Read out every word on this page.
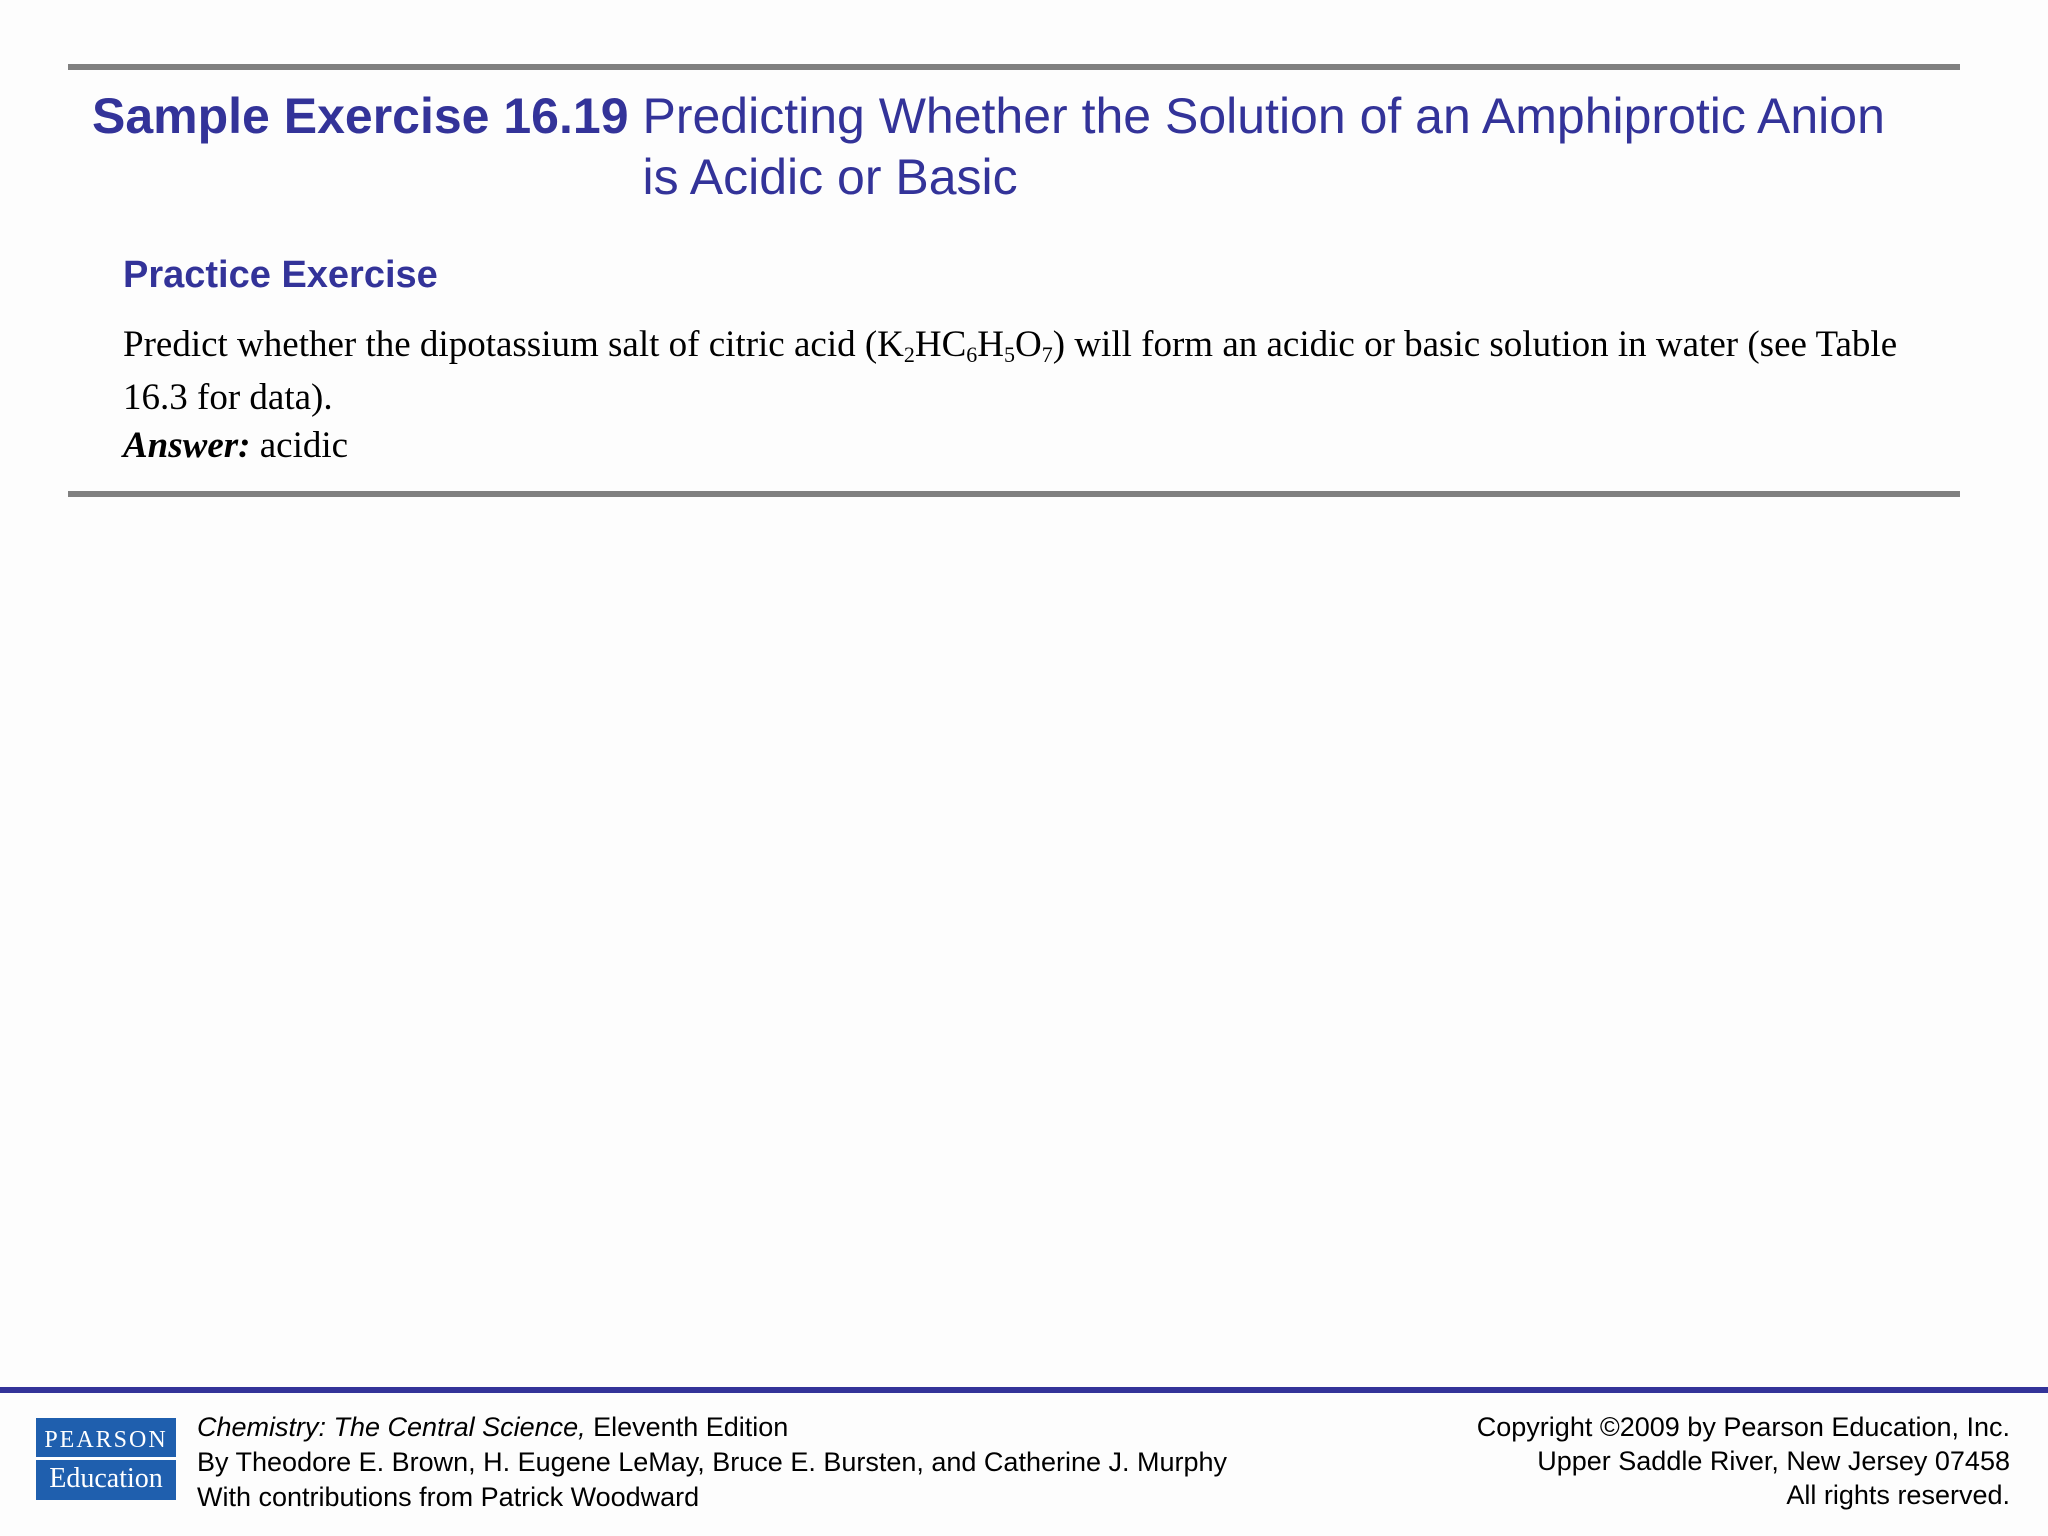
Sample Exercise 16.19 Predicting Whether the Solution of an Amphiprotic Anion
is Acidic or Basic
Practice Exercise

Predict whether the dipotassium salt of citric acid $(K_2HC_6H_5O_7)$ will form an acidic or basic solution in water (see Table 16.3 for data).

Answer: acidic

PEARSON
Education
Chemistry: The Central Science, Eleventh Edition
By Theodore E. Brown, H. Eugene LeMay, Bruce E. Bursten, and Catherine J. Murphy
With contributions from Patrick Woodward
Copyright ©2009 by Pearson Education, Inc.
Upper Saddle River, New Jersey 07458
All rights reserved.
